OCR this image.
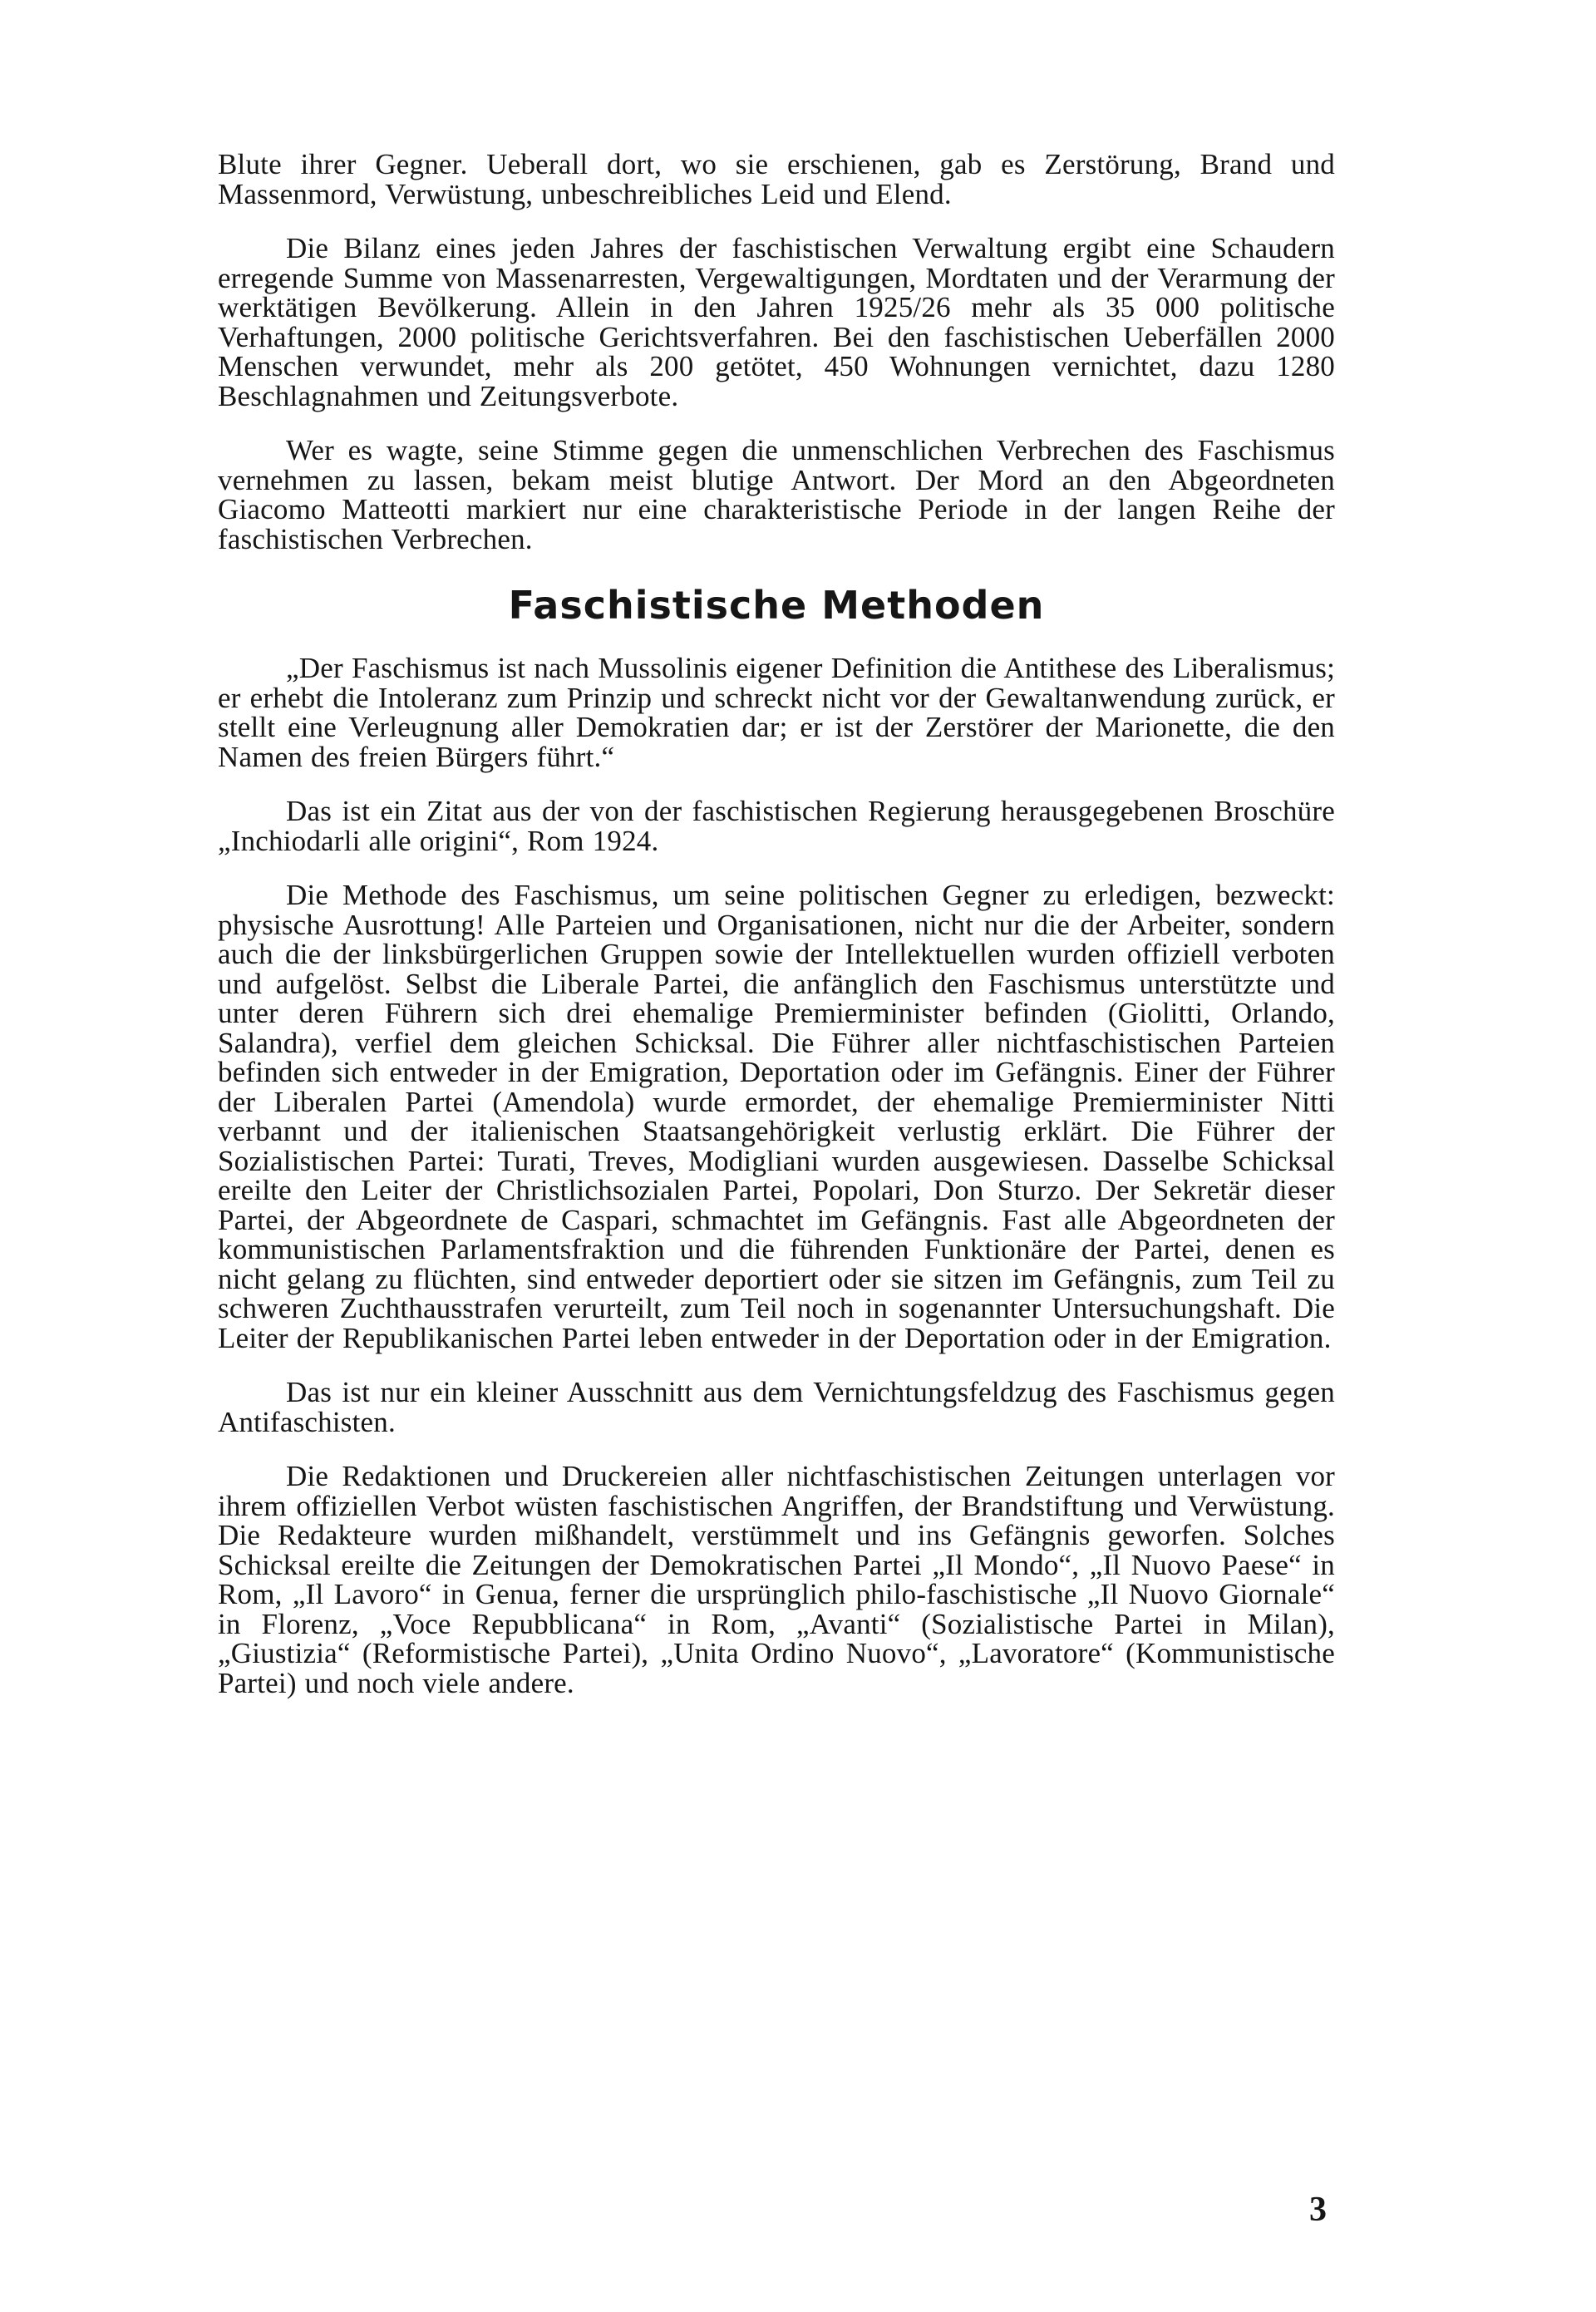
Blute ihrer Gegner. Ueberall dort, wo sie erschienen, gab es Zerstörung, Brand und Massenmord, Verwüstung, unbeschreibliches Leid und Elend.

Die Bilanz eines jeden Jahres der faschistischen Verwaltung ergibt eine Schaudern erregende Summe von Massenarresten, Vergewaltigungen, Mordtaten und der Verarmung der werktätigen Bevölkerung. Allein in den Jahren 1925/26 mehr als 35 000 politische Verhaftungen, 2000 politische Gerichtsverfahren. Bei den faschistischen Ueberfällen 2000 Menschen verwundet, mehr als 200 getötet, 450 Wohnungen vernichtet, dazu 1280 Beschlagnahmen und Zeitungsverbote.

Wer es wagte, seine Stimme gegen die unmenschlichen Verbrechen des Faschismus vernehmen zu lassen, bekam meist blutige Antwort. Der Mord an den Abgeordneten Giacomo Matteotti markiert nur eine charakteristische Periode in der langen Reihe der faschistischen Verbrechen.

Faschistische Methoden

„Der Faschismus ist nach Mussolinis eigener Definition die Antithese des Liberalismus; er erhebt die Intoleranz zum Prinzip und schreckt nicht vor der Gewaltanwendung zurück, er stellt eine Verleugnung aller Demokratien dar; er ist der Zerstörer der Marionette, die den Namen des freien Bürgers führt.“

Das ist ein Zitat aus der von der faschistischen Regierung herausgegebenen Broschüre „Inchiodarli alle origini“, Rom 1924.

Die Methode des Faschismus, um seine politischen Gegner zu erledigen, bezweckt: physische Ausrottung! Alle Parteien und Organisationen, nicht nur die der Arbeiter, sondern auch die der linksbürgerlichen Gruppen sowie der Intellektuellen wurden offiziell verboten und aufgelöst. Selbst die Liberale Partei, die anfänglich den Faschismus unterstützte und unter deren Führern sich drei ehemalige Premierminister befinden (Giolitti, Orlando, Salandra), verfiel dem gleichen Schicksal. Die Führer aller nichtfaschistischen Parteien befinden sich entweder in der Emigration, Deportation oder im Gefängnis. Einer der Führer der Liberalen Partei (Amendola) wurde ermordet, der ehemalige Premierminister Nitti verbannt und der italienischen Staatsangehörigkeit verlustig erklärt. Die Führer der Sozialistischen Partei: Turati, Treves, Modigliani wurden ausgewiesen. Dasselbe Schicksal ereilte den Leiter der Christlichsozialen Partei, Popolari, Don Sturzo. Der Sekretär dieser Partei, der Abgeordnete de Caspari, schmachtet im Gefängnis. Fast alle Abgeordneten der kommunistischen Parlamentsfraktion und die führenden Funktionäre der Partei, denen es nicht gelang zu flüchten, sind entweder deportiert oder sie sitzen im Gefängnis, zum Teil zu schweren Zuchthausstrafen verurteilt, zum Teil noch in sogenannter Untersuchungshaft. Die Leiter der Republikanischen Partei leben entweder in der Deportation oder in der Emigration.

Das ist nur ein kleiner Ausschnitt aus dem Vernichtungsfeldzug des Faschismus gegen Antifaschisten.

Die Redaktionen und Druckereien aller nichtfaschistischen Zeitungen unterlagen vor ihrem offiziellen Verbot wüsten faschistischen Angriffen, der Brandstiftung und Verwüstung. Die Redakteure wurden mißhandelt, verstümmelt und ins Gefängnis geworfen. Solches Schicksal ereilte die Zeitungen der Demokratischen Partei „Il Mondo“, „Il Nuovo Paese“ in Rom, „Il Lavoro“ in Genua, ferner die ursprünglich philo-faschistische „Il Nuovo Giornale“ in Florenz, „Voce Repubblicana“ in Rom, „Avanti“ (Sozialistische Partei in Milan), „Giustizia“ (Reformistische Partei), „Unita Ordino Nuovo“, „Lavoratore“ (Kommunistische Partei) und noch viele andere.

3
